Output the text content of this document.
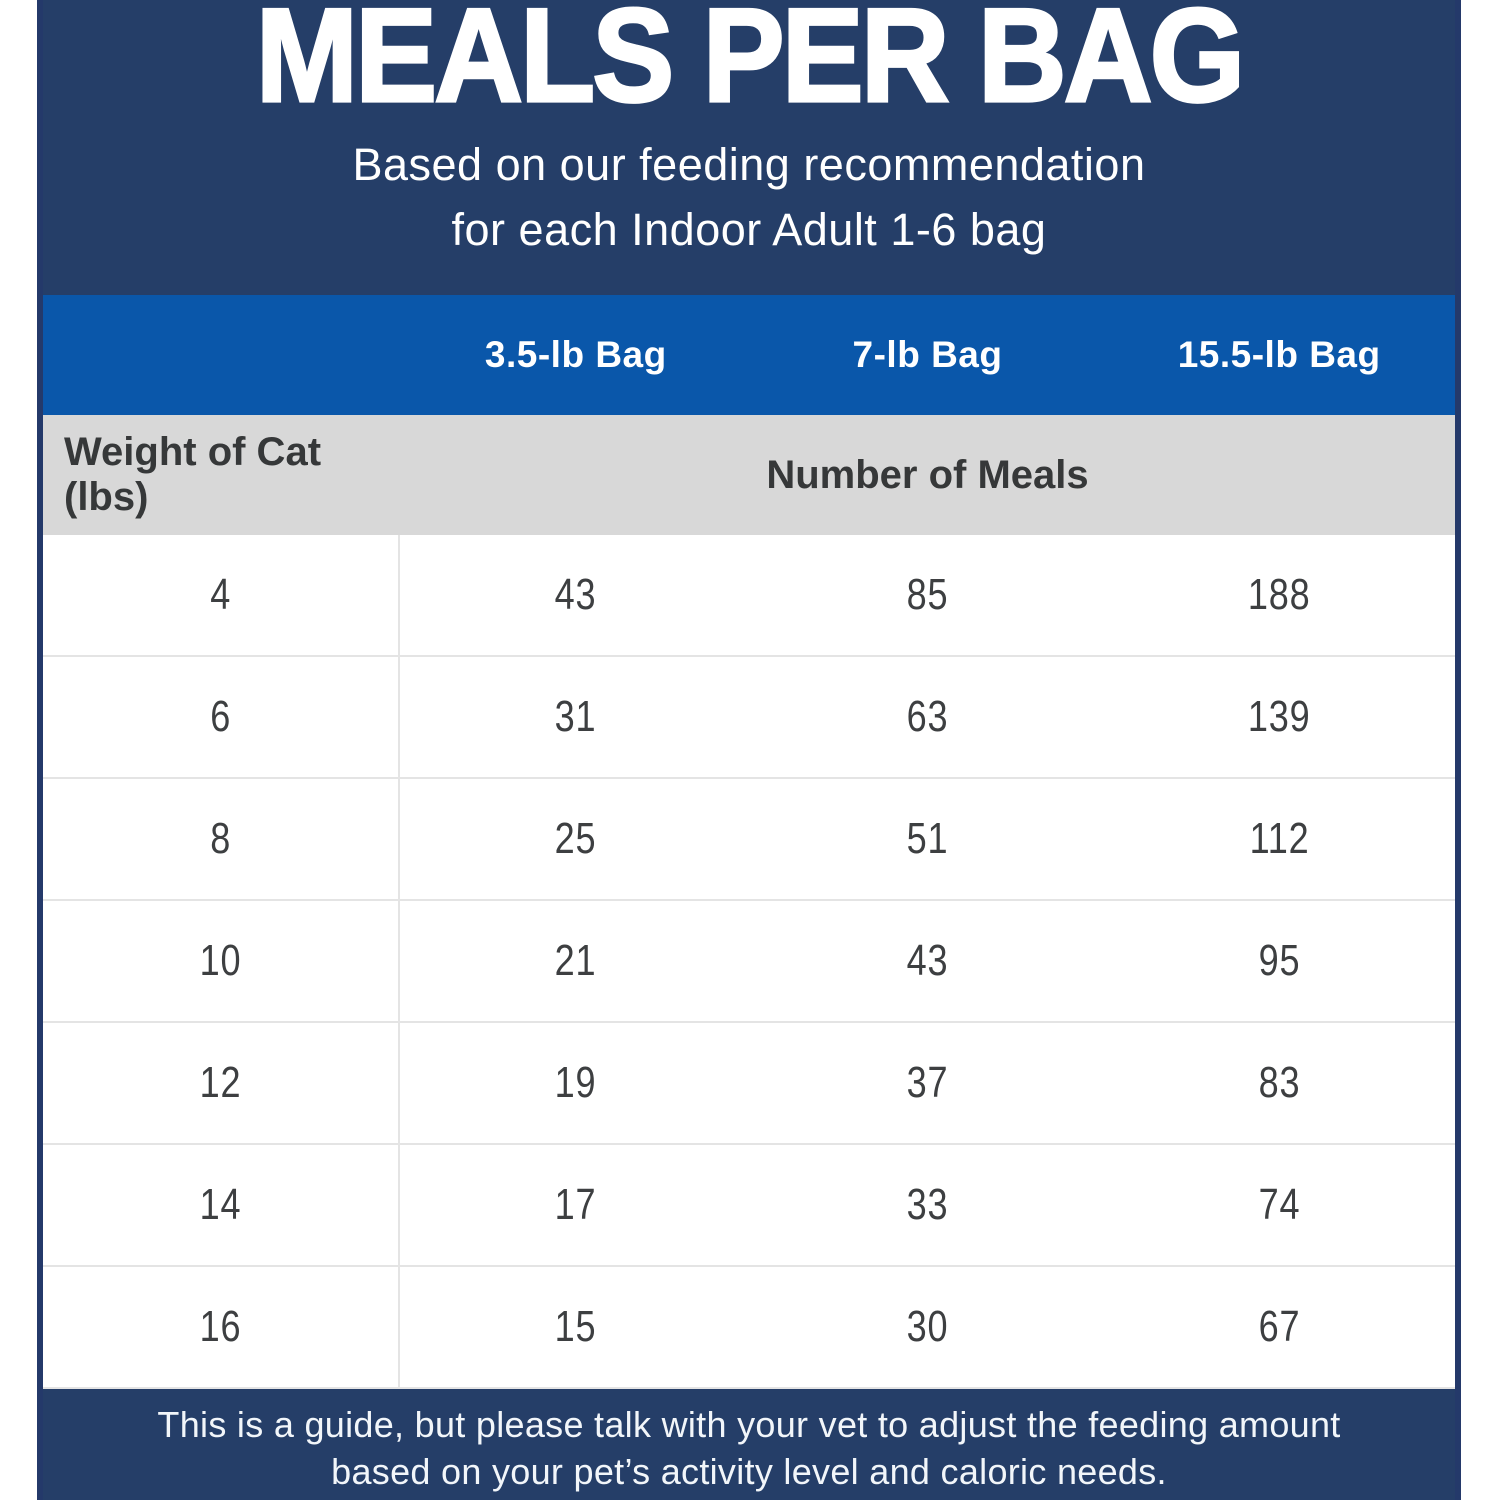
MEALS PER BAG
Based on our feeding recommendation
for each Indoor Adult 1-6 bag
3.5-lb Bag	7-lb Bag	15.5-lb Bag
Weight of Cat (lbs)
Number of Meals
4	43	85	188
6	31	63	139
8	25	51	112
10	21	43	95
12	19	37	83
14	17	33	74
16	15	30	67
This is a guide, but please talk with your vet to adjust the feeding amount
based on your pet’s activity level and caloric needs.
